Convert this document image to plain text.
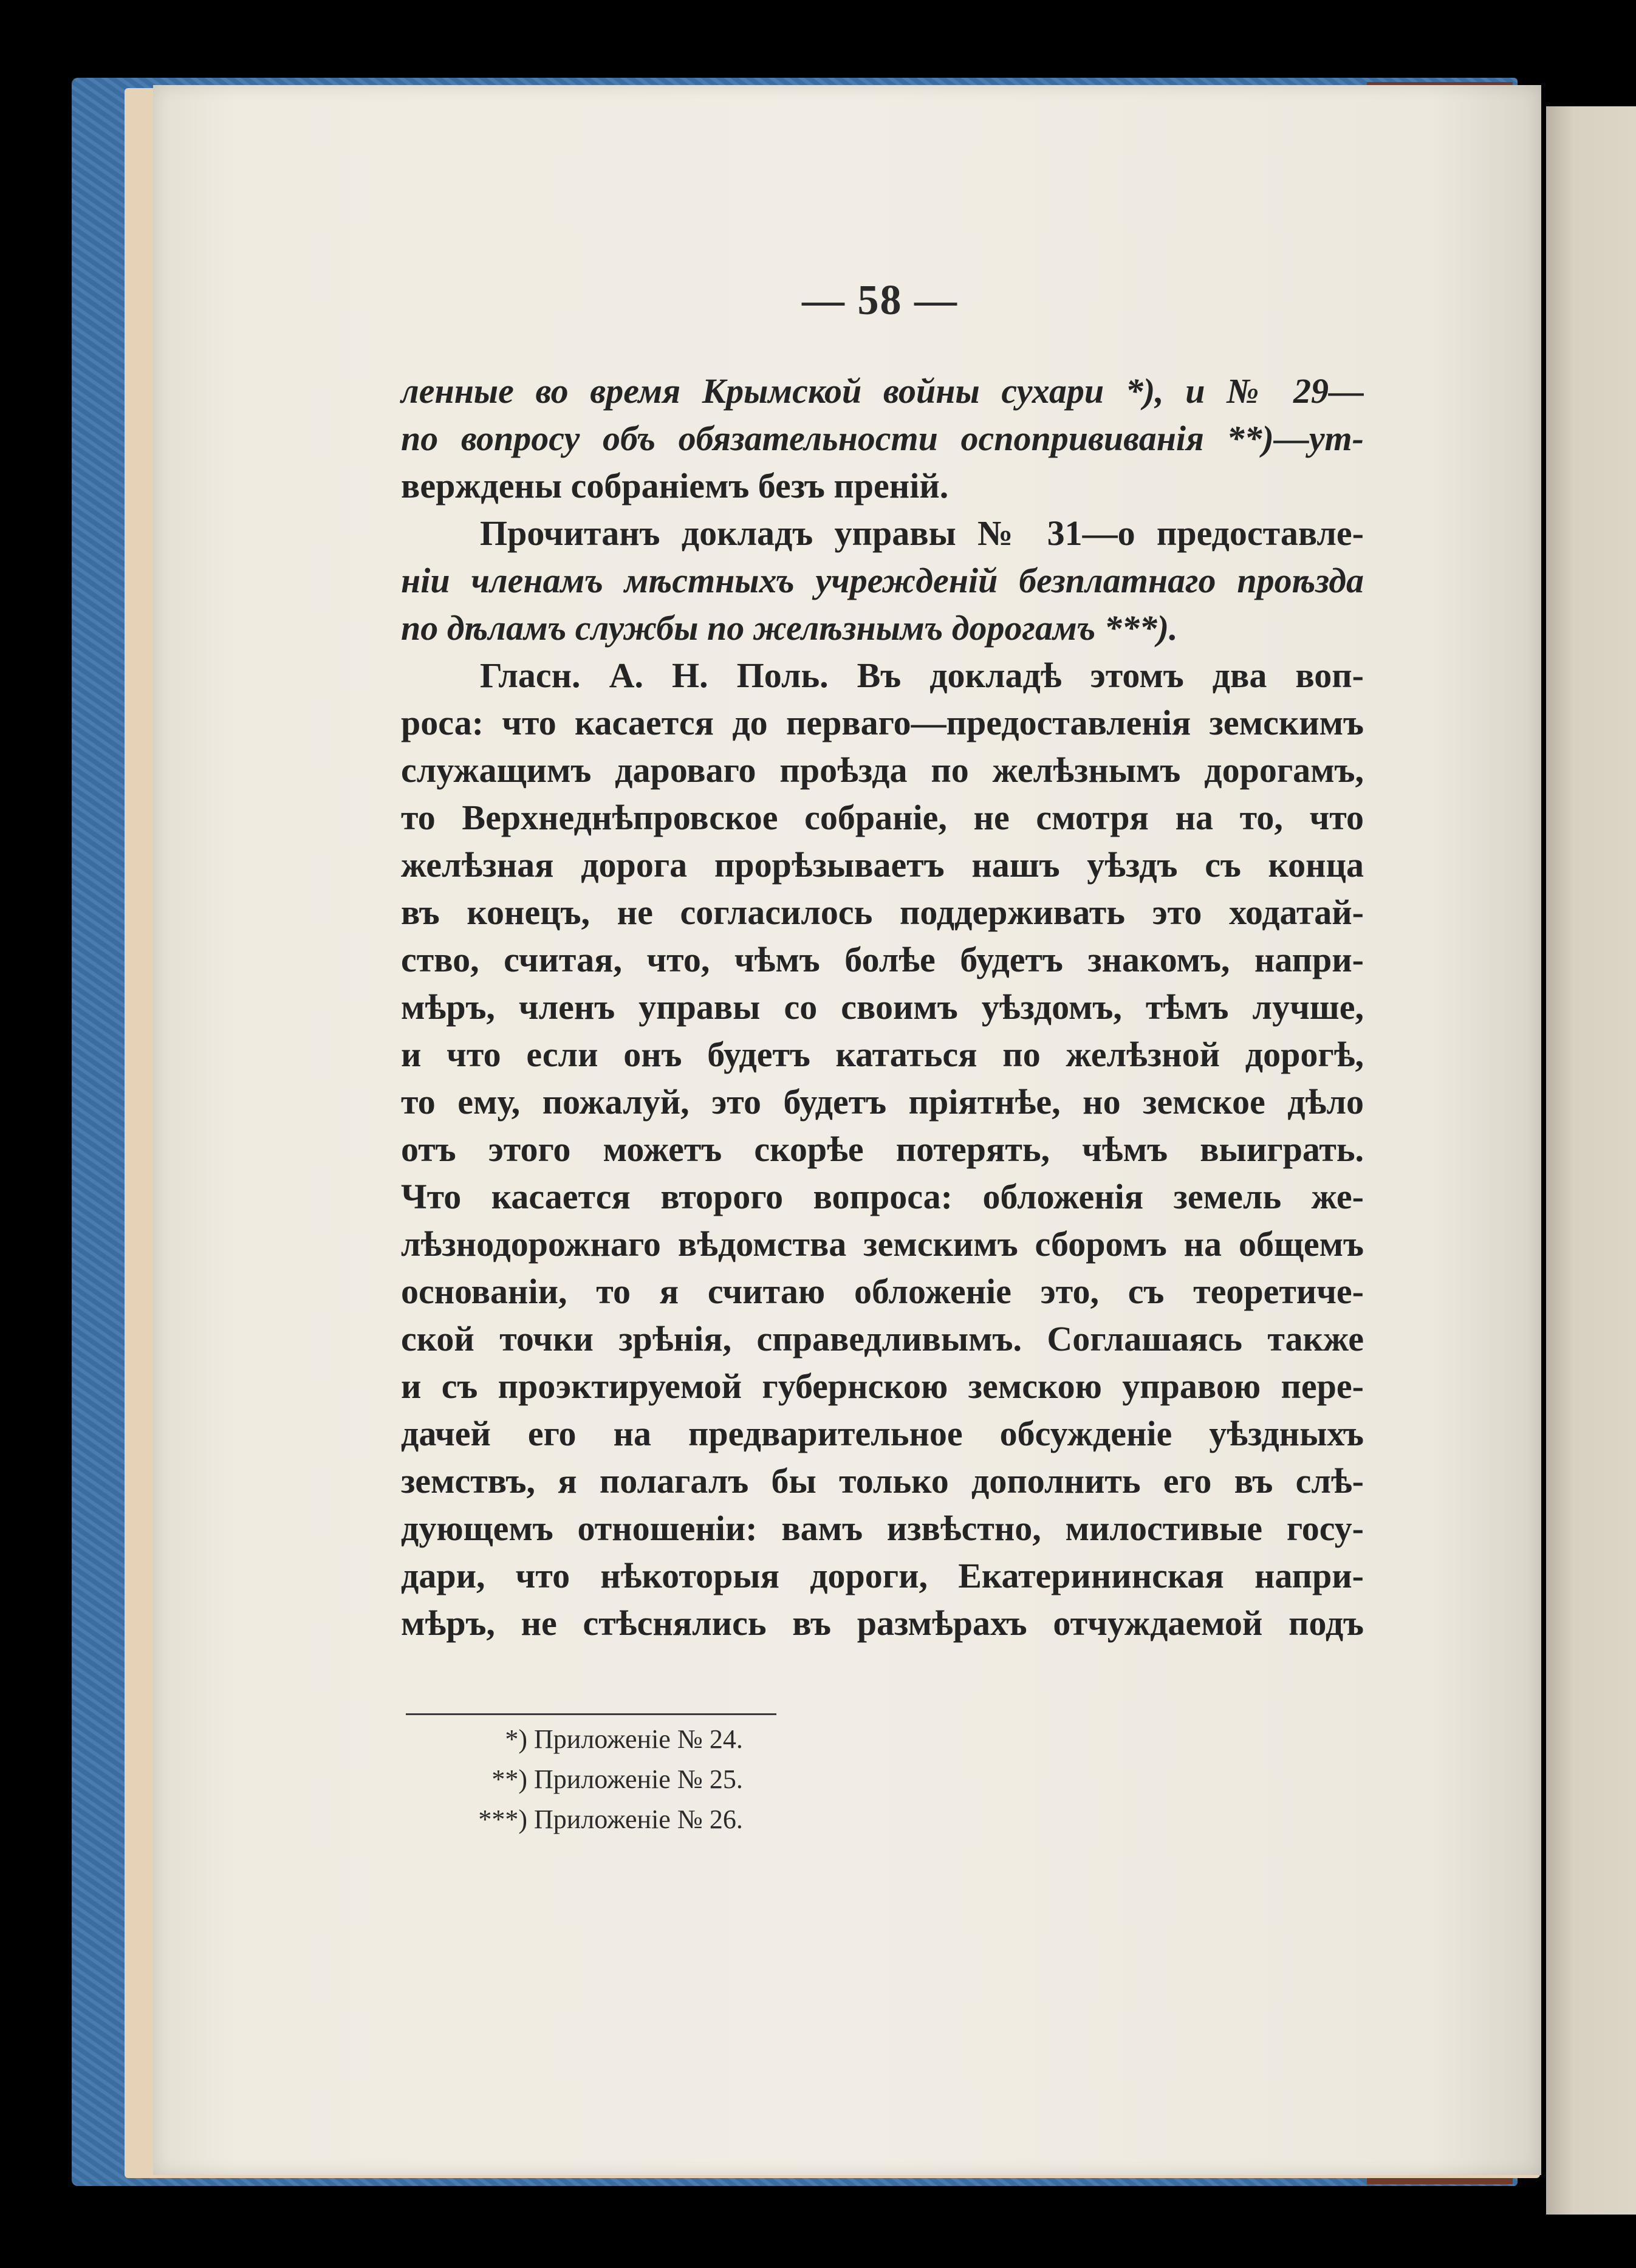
— 58 —
ленные во время Крымской войны сухари *), и № 29—
по вопросу объ обязательности оспопрививанія **)—ут-
верждены собраніемъ безъ преній.
Прочитанъ докладъ управы № 31—о предоставле-
ніи членамъ мѣстныхъ учрежденій безплатнаго проѣзда
по дѣламъ службы по желѣзнымъ дорогамъ ***).
Гласн. А. Н. Поль. Въ докладѣ этомъ два воп-
роса: что касается до перваго—предоставленія земскимъ
служащимъ дароваго проѣзда по желѣзнымъ дорогамъ,
то Верхнеднѣпровское собраніе, не смотря на то, что
желѣзная дорога прорѣзываетъ нашъ уѣздъ съ конца
въ конецъ, не согласилось поддерживать это ходатай-
ство, считая, что, чѣмъ болѣе будетъ знакомъ, напри-
мѣръ, членъ управы со своимъ уѣздомъ, тѣмъ лучше,
и что если онъ будетъ кататься по желѣзной дорогѣ,
то ему, пожалуй, это будетъ пріятнѣе, но земское дѣло
отъ этого можетъ скорѣе потерять, чѣмъ выиграть.
Что касается второго вопроса: обложенія земель же-
лѣзнодорожнаго вѣдомства земскимъ сборомъ на общемъ
основаніи, то я считаю обложеніе это, съ теоретиче-
ской точки зрѣнія, справедливымъ. Соглашаясь также
и съ проэктируемой губернскою земскою управою пере-
дачей его на предварительное обсужденіе уѣздныхъ
земствъ, я полагалъ бы только дополнить его въ слѣ-
дующемъ отношеніи: вамъ извѣстно, милостивые госу-
дари, что нѣкоторыя дороги, Екатерининская напри-
мѣръ, не стѣснялись въ размѣрахъ отчуждаемой подъ
*) Приложеніе № 24.
**) Приложеніе № 25.
***) Приложеніе № 26.
